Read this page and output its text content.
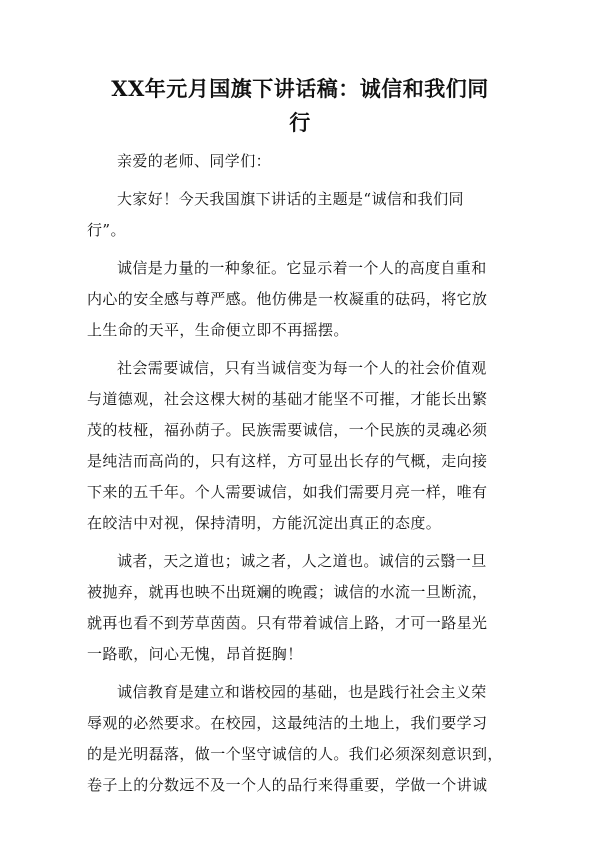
XX年元月国旗下讲话稿：诚信和我们同
行

亲爱的老师、同学们：

大家好！今天我国旗下讲话的主题是“诚信和我们同
行”。

诚信是力量的一种象征。它显示着一个人的高度自重和
内心的安全感与尊严感。他仿佛是一枚凝重的砝码，将它放
上生命的天平，生命便立即不再摇摆。

社会需要诚信，只有当诚信变为每一个人的社会价值观
与道德观，社会这棵大树的基础才能坚不可摧，才能长出繁
茂的枝桠，福孙荫子。民族需要诚信，一个民族的灵魂必须
是纯洁而高尚的，只有这样，方可显出长存的气概，走向接
下来的五千年。个人需要诚信，如我们需要月亮一样，唯有
在皎洁中对视，保持清明，方能沉淀出真正的态度。

诚者，天之道也；诚之者，人之道也。诚信的云翳一旦
被抛弃，就再也映不出斑斓的晚霞；诚信的水流一旦断流，
就再也看不到芳草茵茵。只有带着诚信上路，才可一路星光
一路歌，问心无愧，昂首挺胸！

诚信教育是建立和谐校园的基础，也是践行社会主义荣
辱观的必然要求。在校园，这最纯洁的土地上，我们要学习
的是光明磊落，做一个坚守诚信的人。我们必须深刻意识到，
卷子上的分数远不及一个人的品行来得重要，学做一个讲诚
